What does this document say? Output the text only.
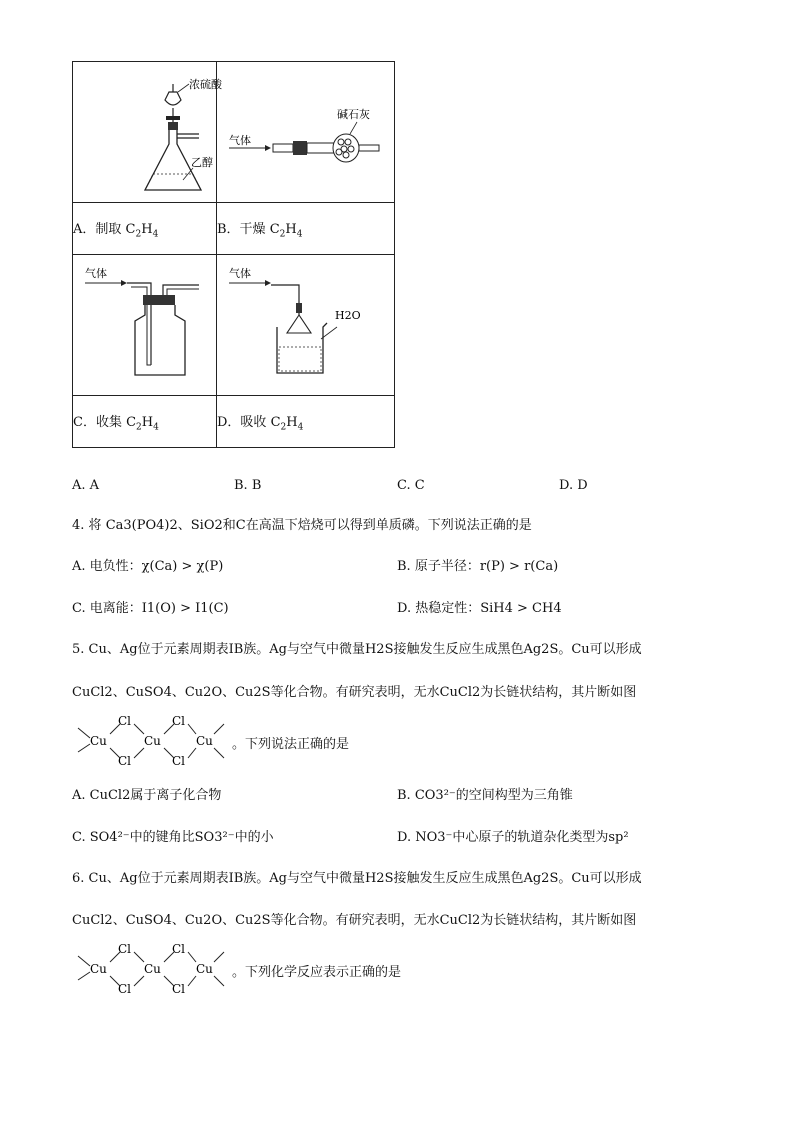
浓硫酸
乙醇	气体
碱石灰

A．制取 $C_2H_4$	B．干燥 $C_2H_4$

气体	气体
H2O

C．收集 $C_2H_4$	D．吸收 $C_2H_4$
A. A	B. B	C. C	D. D
4. 将 Ca3(PO4)2、SiO2和C在高温下焙烧可以得到单质磷。下列说法正确的是
A. 电负性：χ(Ca) > χ(P)	B. 原子半径：r(P) > r(Ca)
C. 电离能：I1(O) > I1(C)	D. 热稳定性：SiH4 > CH4
5. Cu、Ag位于元素周期表ⅠB族。Ag与空气中微量H2S接触发生反应生成黑色Ag2S。Cu可以形成
CuCl2、CuSO4、Cu2O、Cu2S等化合物。有研究表明，无水CuCl2为长链状结构，其片断如图
Cu
Cl
Cl
Cu
Cl
Cl
Cu 。下列说法正确的是
A. CuCl2属于离子化合物	B. CO3²⁻的空间构型为三角锥
C. SO4²⁻中的键角比SO3²⁻中的小	D. NO3⁻中心原子的轨道杂化类型为sp²
6. Cu、Ag位于元素周期表ⅠB族。Ag与空气中微量H2S接触发生反应生成黑色Ag2S。Cu可以形成
CuCl2、CuSO4、Cu2O、Cu2S等化合物。有研究表明，无水CuCl2为长链状结构，其片断如图
Cu
Cl
Cl
Cu
Cl
Cl
Cu 。下列化学反应表示正确的是
